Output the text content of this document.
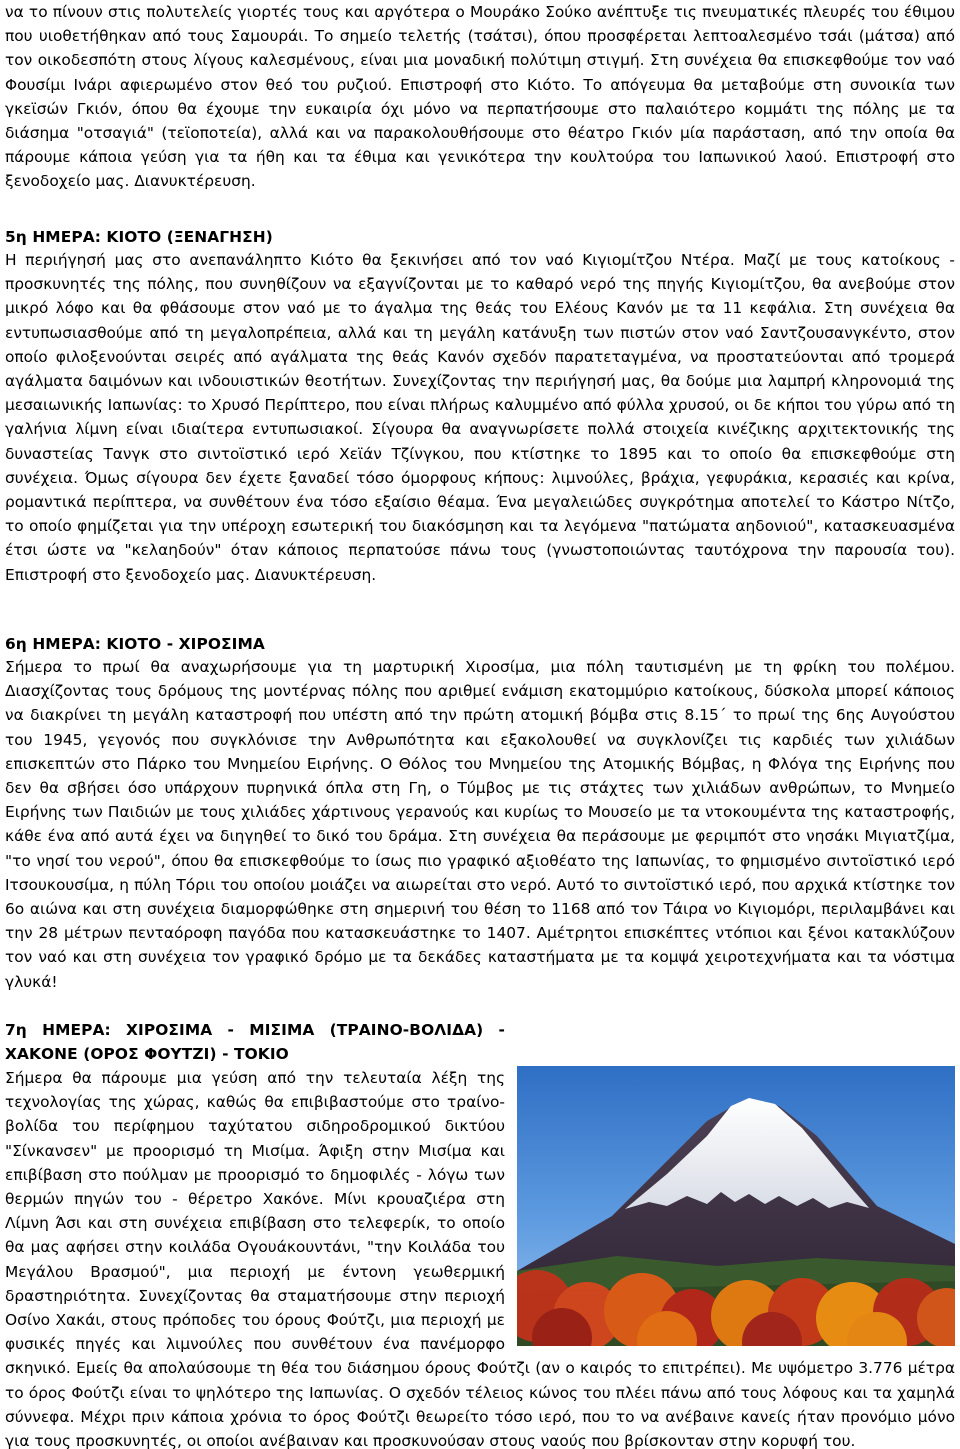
να το πίνουν στις πολυτελείς γιορτές τους και αργότερα ο Μουράκο Σούκο ανέπτυξε τις πνευματικές πλευρές του έθιμου που υιοθετήθηκαν από τους Σαμουράι. Το σημείο τελετής (τσάτσι), όπου προσφέρεται λεπτοαλεσμένο τσάι (μάτσα) από τον οικοδεσπότη στους λίγους καλεσμένους, είναι μια μοναδική πολύτιμη στιγμή. Στη συνέχεια θα επισκεφθούμε τον ναό Φουσίμι Ινάρι αφιερωμένο στον θεό του ρυζιού. Επιστροφή στο Κιότο. Το απόγευμα θα μεταβούμε στη συνοικία των γκεϊσών Γκιόν, όπου θα έχουμε την ευκαιρία όχι μόνο να περπατήσουμε στο παλαιότερο κομμάτι της πόλης με τα διάσημα "οτσαγιά" (τεϊοποτεία), αλλά και να παρακολουθήσουμε στο θέατρο Γκιόν μία παράσταση, από την οποία θα πάρουμε κάποια γεύση για τα ήθη και τα έθιμα και γενικότερα την κουλτούρα του Ιαπωνικού λαού. Επιστροφή στο ξενοδοχείο μας. Διανυκτέρευση.

5η ΗΜΕΡΑ: ΚΙΟΤΟ (ΞΕΝΑΓΗΣΗ)

Η περιήγησή μας στο ανεπανάληπτο Κιότο θα ξεκινήσει από τον ναό Κιγιομίτζου Ντέρα. Μαζί με τους κατοίκους - προσκυνητές της πόλης, που συνηθίζουν να εξαγνίζονται με το καθαρό νερό της πηγής Κιγιομίτζου, θα ανεβούμε στον μικρό λόφο και θα φθάσουμε στον ναό με το άγαλμα της θεάς του Ελέους Κανόν με τα 11 κεφάλια. Στη συνέχεια θα εντυπωσιασθούμε από τη μεγαλοπρέπεια, αλλά και τη μεγάλη κατάνυξη των πιστών στον ναό Σαντζουσανγκέντο, στον οποίο φιλοξενούνται σειρές από αγάλματα της θεάς Κανόν σχεδόν παρατεταγμένα, να προστατεύονται από τρομερά αγάλματα δαιμόνων και ινδουιστικών θεοτήτων. Συνεχίζοντας την περιήγησή μας, θα δούμε μια λαμπρή κληρονομιά της μεσαιωνικής Ιαπωνίας: το Χρυσό Περίπτερο, που είναι πλήρως καλυμμένο από φύλλα χρυσού, οι δε κήποι του γύρω από τη γαλήνια λίμνη είναι ιδιαίτερα εντυπωσιακοί. Σίγουρα θα αναγνωρίσετε πολλά στοιχεία κινέζικης αρχιτεκτονικής της δυναστείας Τανγκ στο σιντοϊστικό ιερό Χεϊάν Τζίνγκου, που κτίστηκε το 1895 και το οποίο θα επισκεφθούμε στη συνέχεια. Όμως σίγουρα δεν έχετε ξαναδεί τόσο όμορφους κήπους: λιμνούλες, βράχια, γεφυράκια, κερασιές και κρίνα, ρομαντικά περίπτερα, να συνθέτουν ένα τόσο εξαίσιο θέαμα. Ένα μεγαλειώδες συγκρότημα αποτελεί το Κάστρο Νίτζο, το οποίο φημίζεται για την υπέροχη εσωτερική του διακόσμηση και τα λεγόμενα "πατώματα αηδονιού", κατασκευασμένα έτσι ώστε να "κελαηδούν" όταν κάποιος περπατούσε πάνω τους (γνωστοποιώντας ταυτόχρονα την παρουσία του). Επιστροφή στο ξενοδοχείο μας. Διανυκτέρευση.

6η ΗΜΕΡΑ: ΚΙΟΤΟ - ΧΙΡΟΣΙΜΑ

Σήμερα το πρωί θα αναχωρήσουμε για τη μαρτυρική Χιροσίμα, μια πόλη ταυτισμένη με τη φρίκη του πολέμου. Διασχίζοντας τους δρόμους της μοντέρνας πόλης που αριθμεί ενάμιση εκατομμύριο κατοίκους, δύσκολα μπορεί κάποιος να διακρίνει τη μεγάλη καταστροφή που υπέστη από την πρώτη ατομική βόμβα στις 8.15΄ το πρωί της 6ης Αυγούστου του 1945, γεγονός που συγκλόνισε την Ανθρωπότητα και εξακολουθεί να συγκλονίζει τις καρδιές των χιλιάδων επισκεπτών στο Πάρκο του Μνημείου Ειρήνης. Ο Θόλος του Μνημείου της Ατομικής Βόμβας, η Φλόγα της Ειρήνης που δεν θα σβήσει όσο υπάρχουν πυρηνικά όπλα στη Γη, ο Τύμβος με τις στάχτες των χιλιάδων ανθρώπων, το Μνημείο Ειρήνης των Παιδιών με τους χιλιάδες χάρτινους γερανούς και κυρίως το Μουσείο με τα ντοκουμέντα της καταστροφής, κάθε ένα από αυτά έχει να διηγηθεί το δικό του δράμα. Στη συνέχεια θα περάσουμε με φεριμπότ στο νησάκι Μιγιατζίμα, "το νησί του νερού", όπου θα επισκεφθούμε το ίσως πιο γραφικό αξιοθέατο της Ιαπωνίας, το φημισμένο σιντοϊστικό ιερό Ιτσουκουσίμα, η πύλη Τόριι του οποίου μοιάζει να αιωρείται στο νερό. Αυτό το σιντοϊστικό ιερό, που αρχικά κτίστηκε τον 6ο αιώνα και στη συνέχεια διαμορφώθηκε στη σημερινή του θέση το 1168 από τον Τάιρα νο Κιγιομόρι, περιλαμβάνει και την 28 μέτρων πενταόροφη παγόδα που κατασκευάστηκε το 1407. Αμέτρητοι επισκέπτες ντόπιοι και ξένοι κατακλύζουν τον ναό και στη συνέχεια τον γραφικό δρόμο με τα δεκάδες καταστήματα με τα κομψά χειροτεχνήματα και τα νόστιμα γλυκά!

7η ΗΜΕΡΑ: ΧΙΡΟΣΙΜΑ - ΜΙΣΙΜΑ (ΤΡΑΙΝΟ-ΒΟΛΙΔΑ) - ΧΑΚΟΝΕ (ΟΡΟΣ ΦΟΥΤΖΙ) - ΤΟΚΙΟ

Σήμερα θα πάρουμε μια γεύση από την τελευταία λέξη της τεχνολογίας της χώρας, καθώς θα επιβιβαστούμε στο τραίνο-βολίδα του περίφημου ταχύτατου σιδηροδρομικού δικτύου "Σίνκανσεν" με προορισμό τη Μισίμα. Άφιξη στην Μισίμα και επιβίβαση στο πούλμαν με προορισμό το δημοφιλές - λόγω των θερμών πηγών του - θέρετρο Χακόνε. Μίνι κρουαζιέρα στη Λίμνη Άσι και στη συνέχεια επιβίβαση στο τελεφερίκ, το οποίο θα μας αφήσει στην κοιλάδα Ογουάκουντάνι, "την Κοιλάδα του Μεγάλου Βρασμού", μια περιοχή με έντονη γεωθερμική δραστηριότητα. Συνεχίζοντας θα σταματήσουμε στην περιοχή Οσίνο Χακάι, στους πρόποδες του όρους Φούτζι, μια περιοχή με φυσικές πηγές και λιμνούλες που συνθέτουν ένα πανέμορφο σκηνικό. Εμείς θα απολαύσουμε τη θέα του διάσημου όρους Φούτζι (αν ο καιρός το επιτρέπει). Με υψόμετρο 3.776 μέτρα το όρος Φούτζι είναι το ψηλότερο της Ιαπωνίας. Ο σχεδόν τέλειος κώνος του πλέει πάνω από τους λόφους και τα χαμηλά σύννεφα. Μέχρι πριν κάποια χρόνια το όρος Φούτζι θεωρείτο τόσο ιερό, που το να ανέβαινε κανείς ήταν προνόμιο μόνο για τους προσκυνητές, οι οποίοι ανέβαιναν και προσκυνούσαν στους ναούς που βρίσκονταν στην κορυφή του.
